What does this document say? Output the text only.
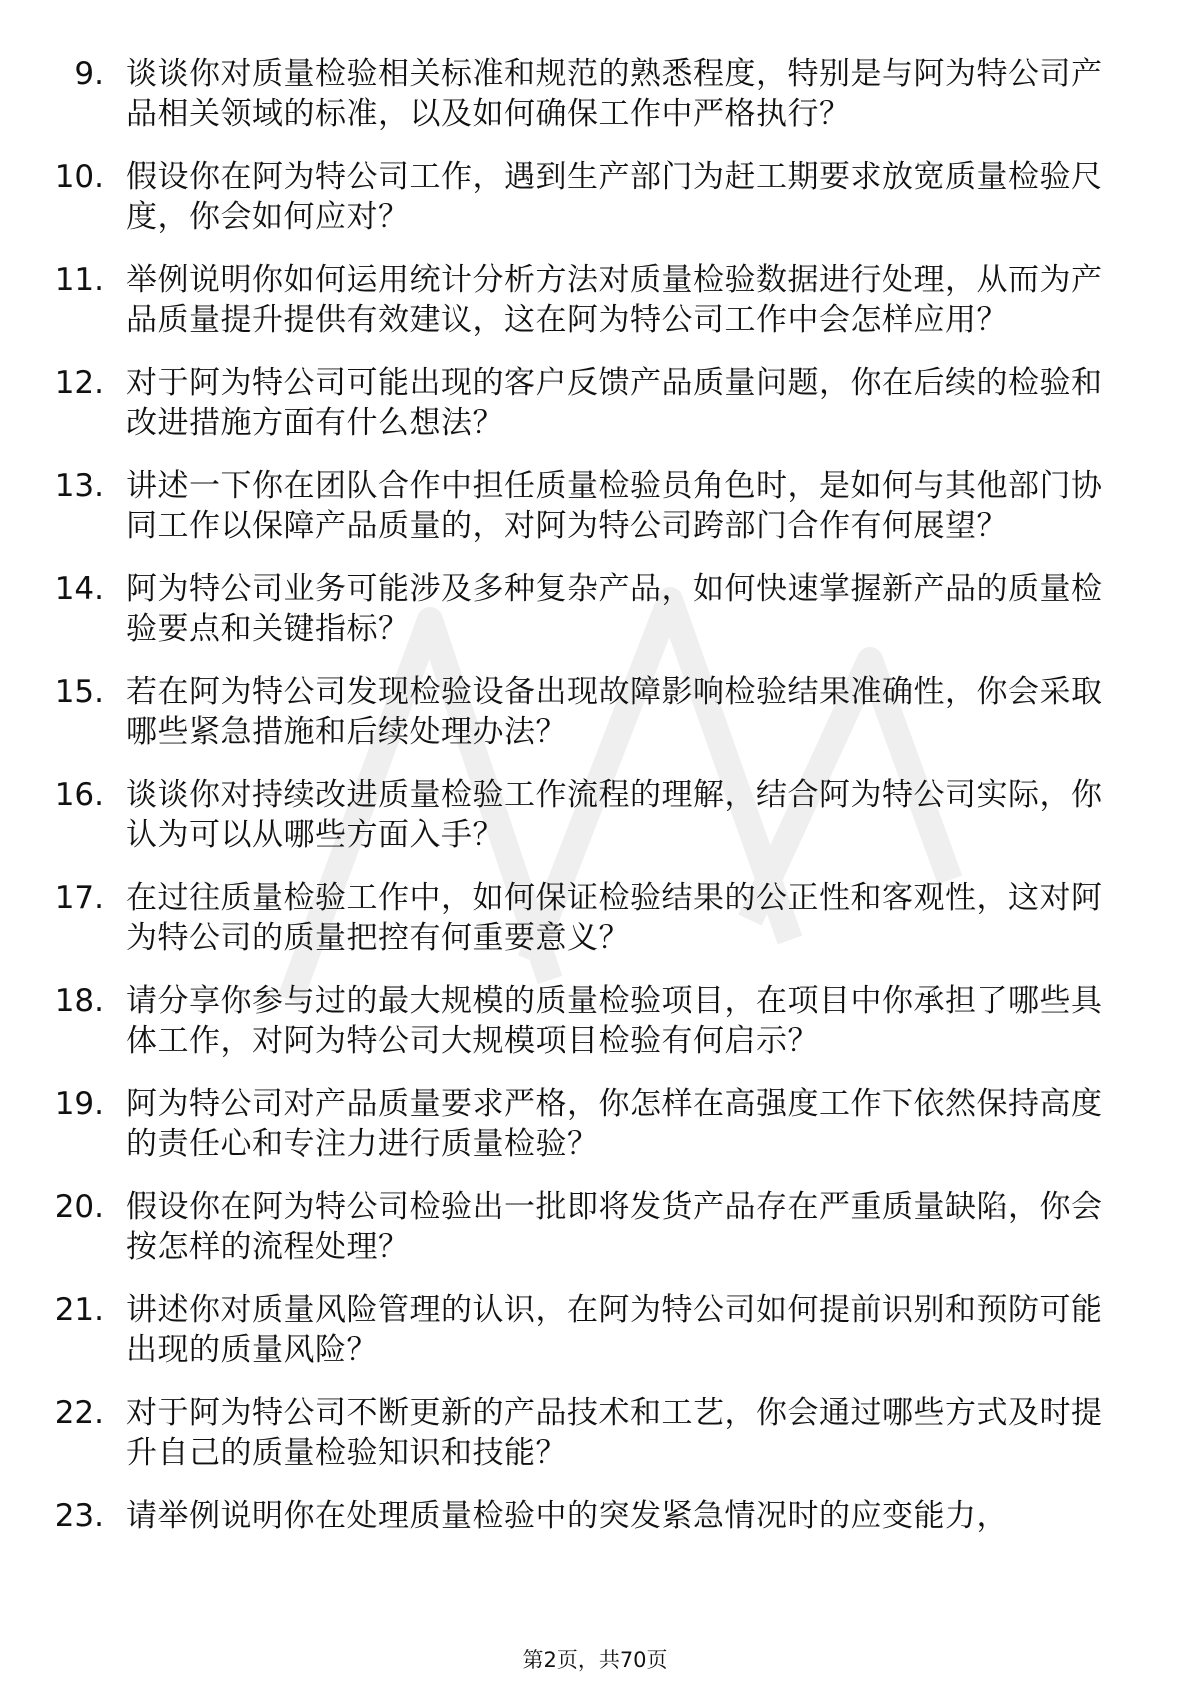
9. 谈谈你对质量检验相关标准和规范的熟悉程度，特别是与阿为特公司产品相关领域的标准，以及如何确保工作中严格执行？
10. 假设你在阿为特公司工作，遇到生产部门为赶工期要求放宽质量检验尺度，你会如何应对？
11. 举例说明你如何运用统计分析方法对质量检验数据进行处理，从而为产品质量提升提供有效建议，这在阿为特公司工作中会怎样应用？
12. 对于阿为特公司可能出现的客户反馈产品质量问题，你在后续的检验和改进措施方面有什么想法？
13. 讲述一下你在团队合作中担任质量检验员角色时，是如何与其他部门协同工作以保障产品质量的，对阿为特公司跨部门合作有何展望？
14. 阿为特公司业务可能涉及多种复杂产品，如何快速掌握新产品的质量检验要点和关键指标？
15. 若在阿为特公司发现检验设备出现故障影响检验结果准确性，你会采取哪些紧急措施和后续处理办法？
16. 谈谈你对持续改进质量检验工作流程的理解，结合阿为特公司实际，你认为可以从哪些方面入手？
17. 在过往质量检验工作中，如何保证检验结果的公正性和客观性，这对阿为特公司的质量把控有何重要意义？
18. 请分享你参与过的最大规模的质量检验项目，在项目中你承担了哪些具体工作，对阿为特公司大规模项目检验有何启示？
19. 阿为特公司对产品质量要求严格，你怎样在高强度工作下依然保持高度的责任心和专注力进行质量检验？
20. 假设你在阿为特公司检验出一批即将发货产品存在严重质量缺陷，你会按怎样的流程处理？
21. 讲述你对质量风险管理的认识，在阿为特公司如何提前识别和预防可能出现的质量风险？
22. 对于阿为特公司不断更新的产品技术和工艺，你会通过哪些方式及时提升自己的质量检验知识和技能？
23. 请举例说明你在处理质量检验中的突发紧急情况时的应变能力，
第2页，共70页
